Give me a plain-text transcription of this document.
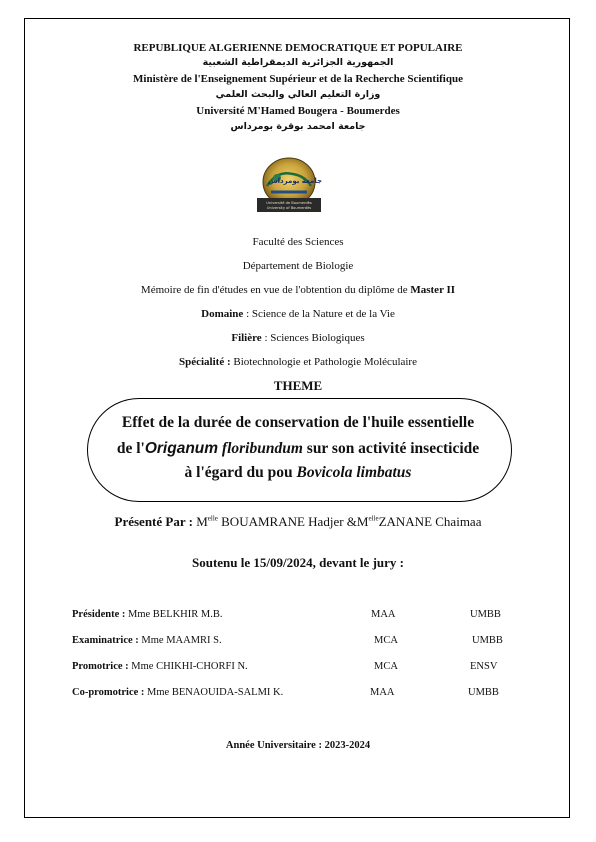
REPUBLIQUE ALGERIENNE DEMOCRATIQUE ET POPULAIRE
الجمهورية الجزائرية الديمقراطية الشعبية
Ministère de l'Enseignement Supérieur et de la Recherche Scientifique
وزارة التعليم العالي والبحث العلمي
Université M'Hamed Bougera - Boumerdes
جامعة امحمد بوقرة بومرداس
جامعة بومرداس
Université de Boumerdès
University of Boumerdès
Faculté des Sciences
Département de Biologie
Mémoire de fin d'études en vue de l'obtention du diplôme de Master II
Domaine : Science de la Nature et de la Vie
Filière : Sciences Biologiques
Spécialité : Biotechnologie et Pathologie Moléculaire
THEME
Effet de la durée de conservation de l'huile essentielle
de l'Origanum floribundum sur son activité insecticide
à l'égard du pou Bovicola limbatus
Présenté Par : $M^{elle}$ BOUAMRANE Hadjer $\&M^{elle}ZANANE$ Chaimaa
Soutenu le 15/09/2024, devant le jury :
Présidente : Mme BELKHIR M.B.	MAA	UMBB
Examinatrice : Mme MAAMRI S.	MCA	UMBB
Promotrice : Mme CHIKHI-CHORFI N.	MCA	ENSV
Co-promotrice : Mme BENAOUIDA-SALMI K.	MAA	UMBB
Année Universitaire : 2023-2024
